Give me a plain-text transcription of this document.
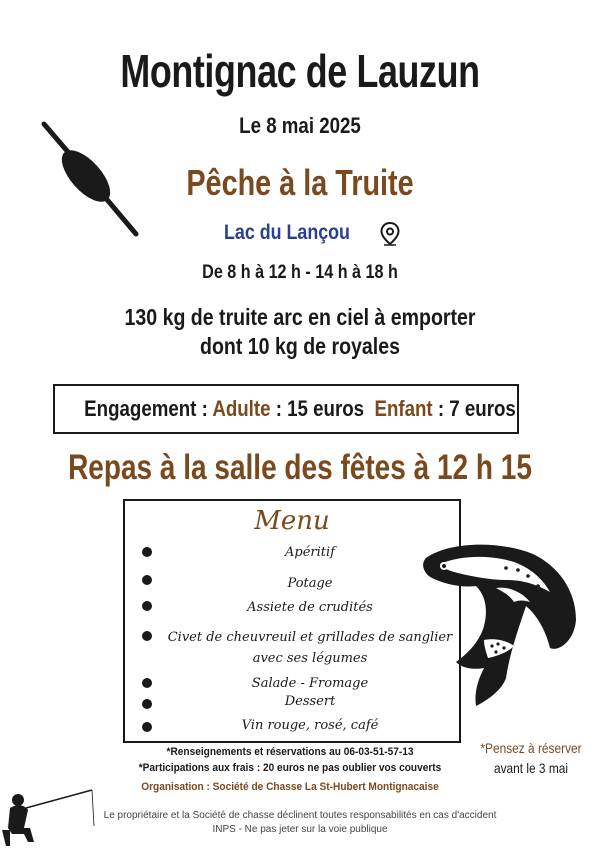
Montignac de Lauzun
Le 8 mai 2025
Pêche à la Truite
Lac du Lançou
De 8 h à 12 h - 14 h à 18 h
130 kg de truite arc en ciel à emporter
dont 10 kg de royales
Engagement : Adulte : 15 euros Enfant : 7 euros
Repas à la salle des fêtes à 12 h 15
Menu
Apéritif
Potage
Assiete de crudités
Civet de cheuvreuil et grillades de sanglier
avec ses légumes
Salade - Fromage
Dessert
Vin rouge, rosé, café
*Renseignements et réservations au 06-03-51-57-13
*Participations aux frais : 20 euros ne pas oublier vos couverts
Organisation : Société de Chasse La St-Hubert Montignacaise
*Pensez à réserver
avant le 3 mai
Le propriétaire et la Société de chasse déclinent toutes responsabilités en cas d'accident
INPS - Ne pas jeter sur la voie publique
